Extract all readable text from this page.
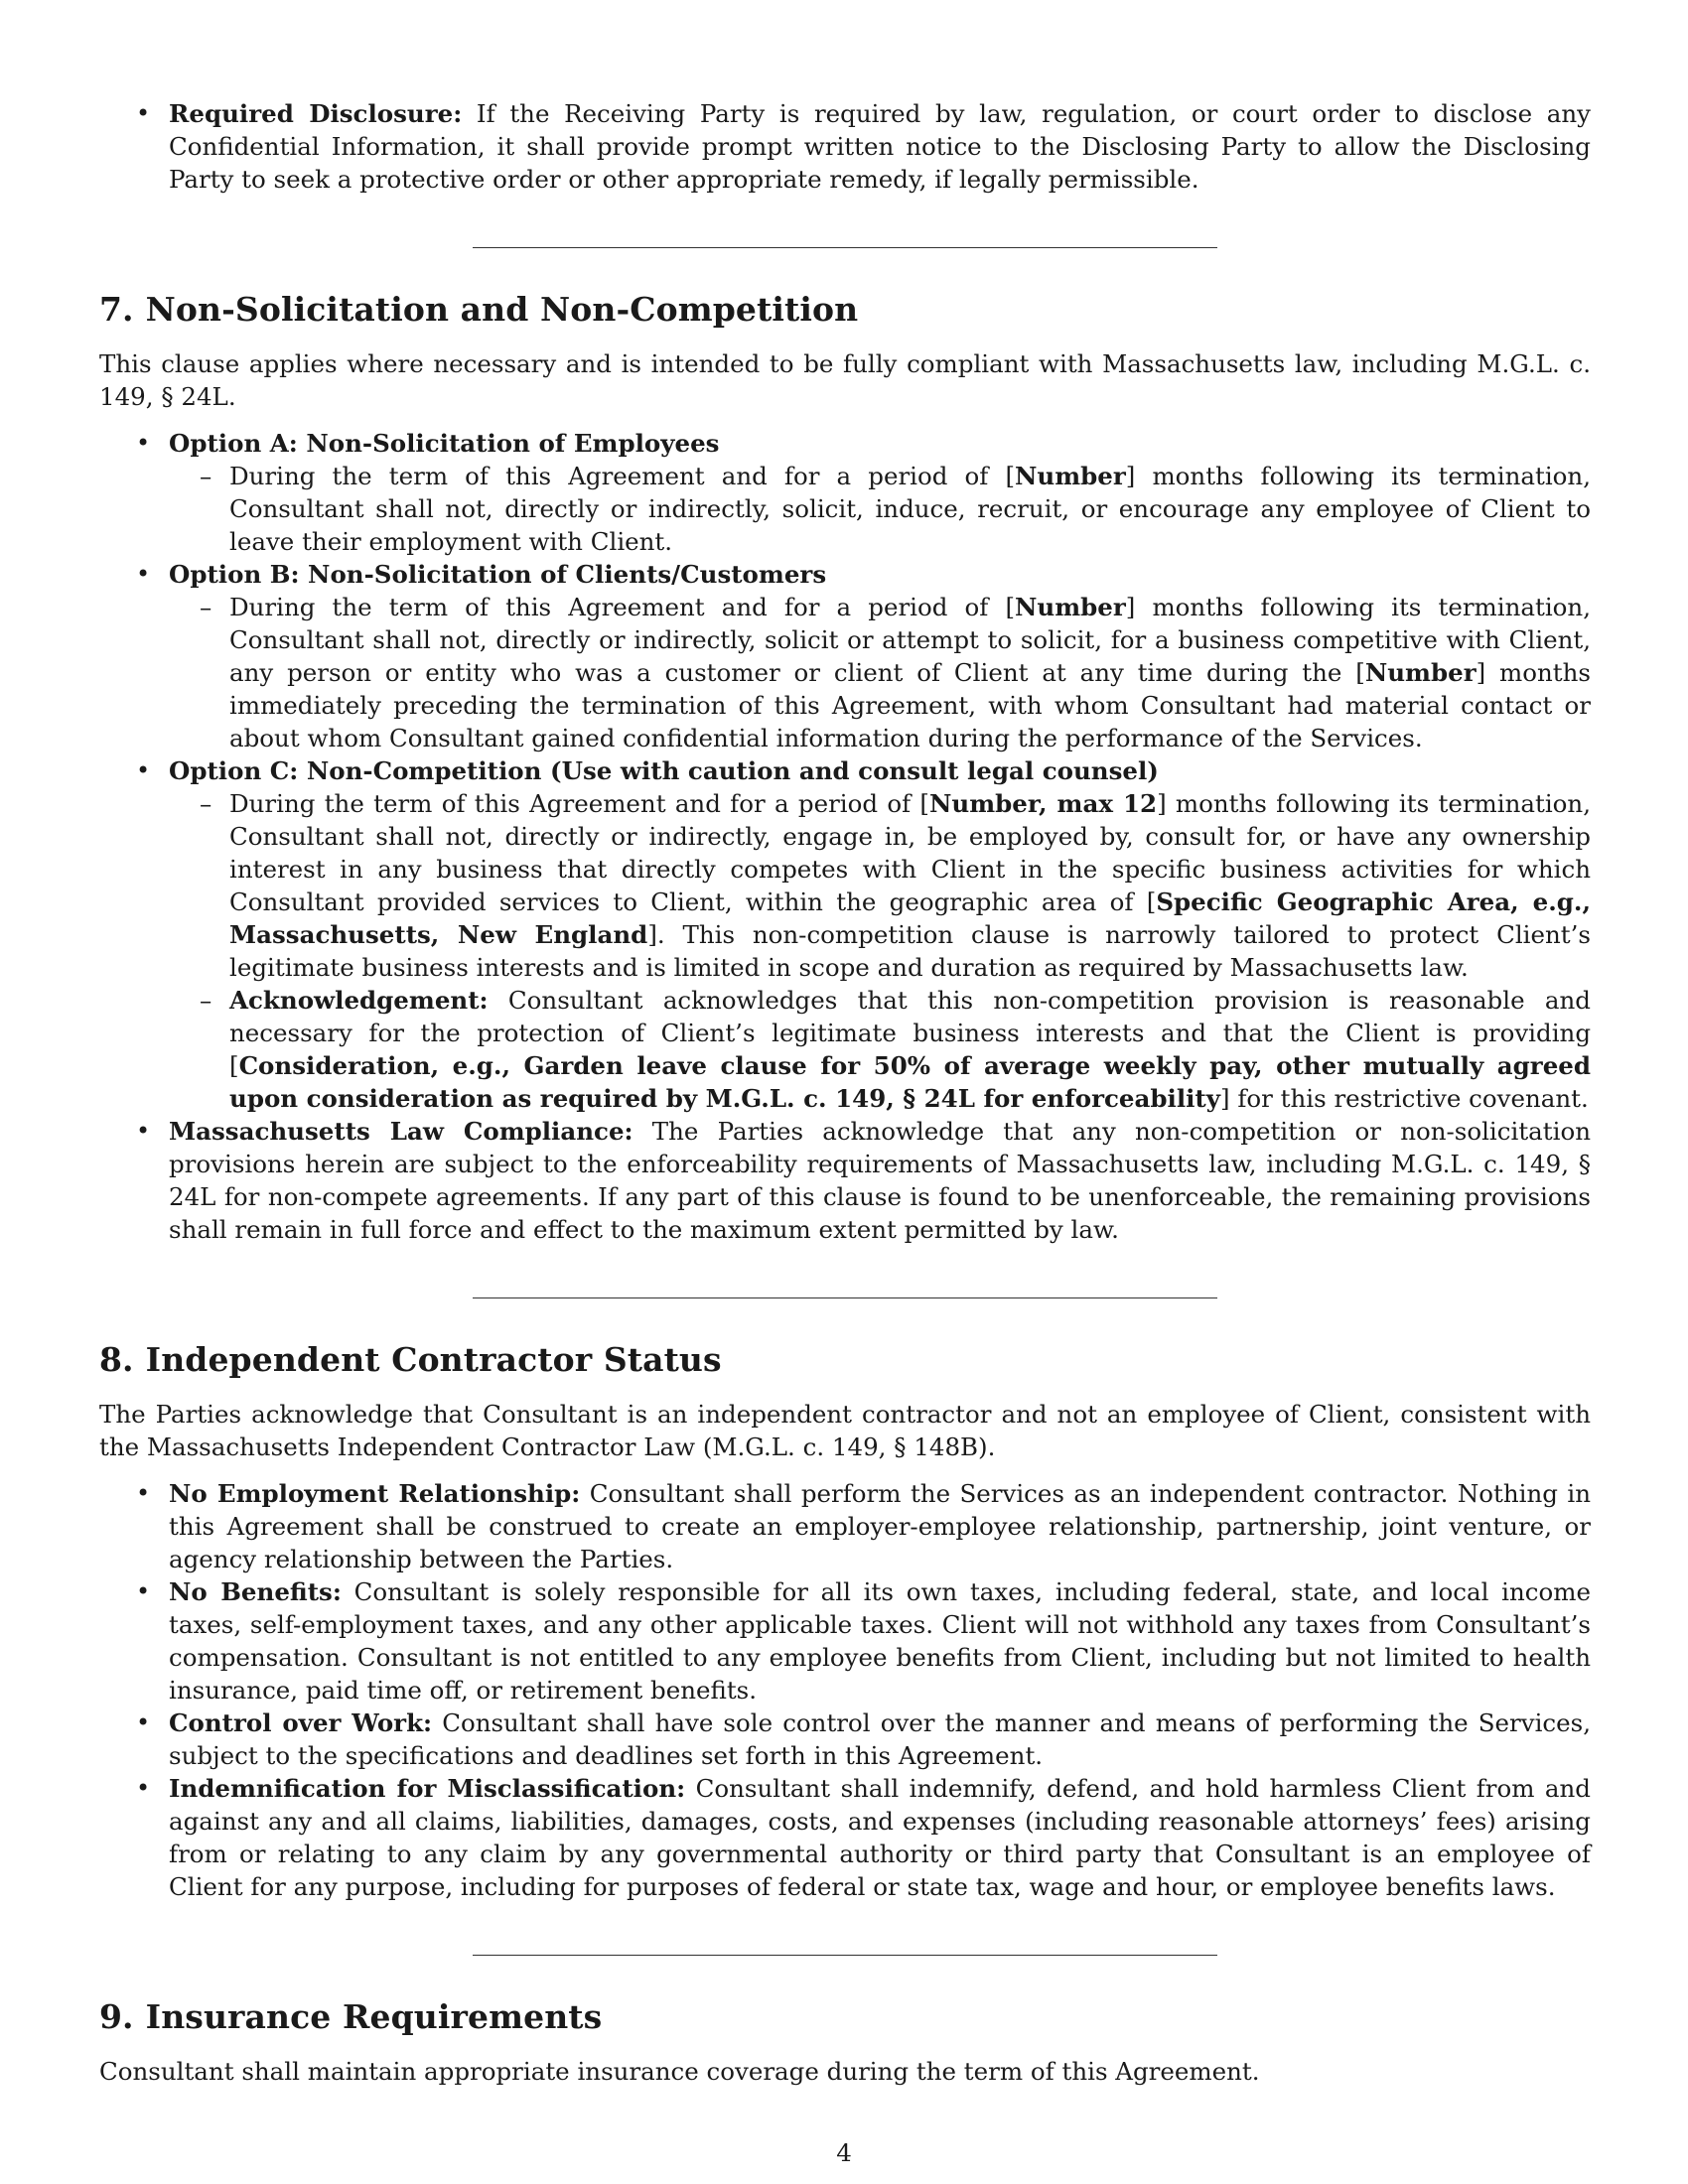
• Required Disclosure: If the Receiving Party is required by law, regulation, or court order to disclose any Confidential Information, it shall provide prompt written notice to the Disclosing Party to allow the Disclosing Party to seek a protective order or other appropriate remedy, if legally permissible.
7. Non-Solicitation and Non-Competition

This clause applies where necessary and is intended to be fully compliant with Massachusetts law, including M.G.L. c. 149, § 24L.

• Option A: Non-Solicitation of Employees
– During the term of this Agreement and for a period of [Number] months following its termination, Consultant shall not, directly or indirectly, solicit, induce, recruit, or encourage any employee of Client to leave their employment with Client.
• Option B: Non-Solicitation of Clients/Customers
– During the term of this Agreement and for a period of [Number] months following its termination, Consultant shall not, directly or indirectly, solicit or attempt to solicit, for a business competitive with Client, any person or entity who was a customer or client of Client at any time during the [Number] months immediately preceding the termination of this Agreement, with whom Consultant had material contact or about whom Consultant gained confidential information during the performance of the Services.
• Option C: Non-Competition (Use with caution and consult legal counsel)
– During the term of this Agreement and for a period of [Number, max 12] months following its termination, Consultant shall not, directly or indirectly, engage in, be employed by, consult for, or have any ownership interest in any business that directly competes with Client in the specific business activities for which Consultant provided services to Client, within the geographic area of [Specific Geographic Area, e.g., Massachusetts, New England]. This non-competition clause is narrowly tailored to protect Client’s legitimate business interests and is limited in scope and duration as required by Massachusetts law.
– Acknowledgement: Consultant acknowledges that this non-competition provision is reasonable and necessary for the protection of Client’s legitimate business interests and that the Client is providing [Consideration, e.g., Garden leave clause for 50% of average weekly pay, other mutually agreed upon consideration as required by M.G.L. c. 149, § 24L for enforceability] for this restrictive covenant.
• Massachusetts Law Compliance: The Parties acknowledge that any non-competition or non-solicitation provisions herein are subject to the enforceability requirements of Massachusetts law, including M.G.L. c. 149, § 24L for non-compete agreements. If any part of this clause is found to be unenforceable, the remaining provisions shall remain in full force and effect to the maximum extent permitted by law.
8. Independent Contractor Status

The Parties acknowledge that Consultant is an independent contractor and not an employee of Client, consistent with the Massachusetts Independent Contractor Law (M.G.L. c. 149, § 148B).

• No Employment Relationship: Consultant shall perform the Services as an independent contractor. Nothing in this Agreement shall be construed to create an employer-employee relationship, partnership, joint venture, or agency relationship between the Parties.
• No Benefits: Consultant is solely responsible for all its own taxes, including federal, state, and local income taxes, self-employment taxes, and any other applicable taxes. Client will not withhold any taxes from Consultant’s compensation. Consultant is not entitled to any employee benefits from Client, including but not limited to health insurance, paid time off, or retirement benefits.
• Control over Work: Consultant shall have sole control over the manner and means of performing the Services, subject to the specifications and deadlines set forth in this Agreement.
• Indemnification for Misclassification: Consultant shall indemnify, defend, and hold harmless Client from and against any and all claims, liabilities, damages, costs, and expenses (including reasonable attorneys’ fees) arising from or relating to any claim by any governmental authority or third party that Consultant is an employee of Client for any purpose, including for purposes of federal or state tax, wage and hour, or employee benefits laws.
9. Insurance Requirements

Consultant shall maintain appropriate insurance coverage during the term of this Agreement.

4
